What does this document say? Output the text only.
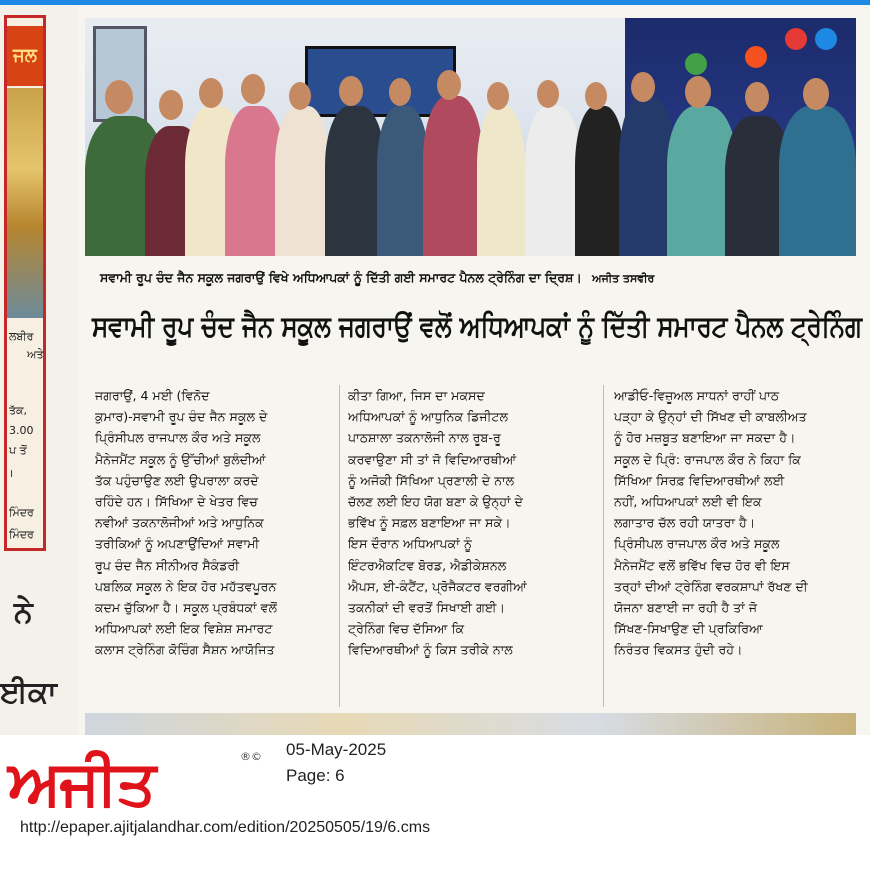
ਜਲ
ਲਬੀਰ
ਅਤੇ
ਤੱਕ,
3.00
ਪ ਤੋਂ
।
ਮਿੰਦਰ
ਮਿੰਦਰ
ਨੇ
ਈਕਾ
ਸਵਾਮੀ ਰੂਪ ਚੰਦ ਜੈਨ ਸਕੂਲ ਜਗਰਾਉਂ ਵਿਖੇ ਅਧਿਆਪਕਾਂ ਨੂੰ ਦਿੱਤੀ ਗਈ ਸਮਾਰਟ ਪੈਨਲ ਟ੍ਰੇਨਿੰਗ ਦਾ ਦ੍ਰਿਸ਼। ਅਜੀਤ ਤਸਵੀਰ
ਸਵਾਮੀ ਰੂਪ ਚੰਦ ਜੈਨ ਸਕੂਲ ਜਗਰਾਉਂ ਵਲੋਂ ਅਧਿਆਪਕਾਂ ਨੂੰ ਦਿੱਤੀ ਸਮਾਰਟ ਪੈਨਲ ਟ੍ਰੇਨਿੰਗ
ਜਗਰਾਉਂ, 4 ਮਈ (ਵਿਨੋਦ
ਕੁਮਾਰ)-ਸਵਾਮੀ ਰੂਪ ਚੰਦ ਜੈਨ ਸਕੂਲ ਦੇ
ਪ੍ਰਿੰਸੀਪਲ ਰਾਜਪਾਲ ਕੌਰ ਅਤੇ ਸਕੂਲ
ਮੈਨੇਜਮੈਂਟ ਸਕੂਲ ਨੂੰ ਉੱਚੀਆਂ ਬੁਲੰਦੀਆਂ
ਤੱਕ ਪਹੁੰਚਾਉਣ ਲਈ ਉਪਰਾਲਾ ਕਰਦੇ
ਰਹਿੰਦੇ ਹਨ। ਸਿੱਖਿਆ ਦੇ ਖੇਤਰ ਵਿਚ
ਨਵੀਆਂ ਤਕਨਾਲੋਜੀਆਂ ਅਤੇ ਆਧੁਨਿਕ
ਤਰੀਕਿਆਂ ਨੂੰ ਅਪਣਾਉਂਦਿਆਂ ਸਵਾਮੀ
ਰੂਪ ਚੰਦ ਜੈਨ ਸੀਨੀਅਰ ਸੈਕੰਡਰੀ
ਪਬਲਿਕ ਸਕੂਲ ਨੇ ਇਕ ਹੋਰ ਮਹੱਤਵਪੂਰਨ
ਕਦਮ ਚੁੱਕਿਆ ਹੈ। ਸਕੂਲ ਪ੍ਰਬੰਧਕਾਂ ਵਲੋਂ
ਅਧਿਆਪਕਾਂ ਲਈ ਇਕ ਵਿਸ਼ੇਸ਼ ਸਮਾਰਟ
ਕਲਾਸ ਟ੍ਰੇਨਿੰਗ ਕੋਚਿੰਗ ਸੈਸ਼ਨ ਆਯੋਜਿਤ
ਕੀਤਾ ਗਿਆ, ਜਿਸ ਦਾ ਮਕਸਦ
ਅਧਿਆਪਕਾਂ ਨੂੰ ਆਧੁਨਿਕ ਡਿਜੀਟਲ
ਪਾਠਸ਼ਾਲਾ ਤਕਨਾਲੋਜੀ ਨਾਲ ਰੂਬ-ਰੂ
ਕਰਵਾਉਣਾ ਸੀ ਤਾਂ ਜੋ ਵਿਦਿਆਰਥੀਆਂ
ਨੂੰ ਅਜੋਕੀ ਸਿੱਖਿਆ ਪ੍ਰਣਾਲੀ ਦੇ ਨਾਲ
ਚੱਲਣ ਲਈ ਇਹ ਯੋਗ ਬਣਾ ਕੇ ਉਨ੍ਹਾਂ ਦੇ
ਭਵਿੱਖ ਨੂੰ ਸਫ਼ਲ ਬਣਾਇਆ ਜਾ ਸਕੇ।
ਇਸ ਦੌਰਾਨ ਅਧਿਆਪਕਾਂ ਨੂੰ
ਇੰਟਰਐਕਟਿਵ ਬੋਰਡ, ਐਡੀਕੇਸ਼ਨਲ
ਐਪਸ, ਈ-ਕੰਟੈਂਟ, ਪ੍ਰੋਜੈਕਟਰ ਵਰਗੀਆਂ
ਤਕਨੀਕਾਂ ਦੀ ਵਰਤੋਂ ਸਿਖਾਈ ਗਈ।
ਟ੍ਰੇਨਿੰਗ ਵਿਚ ਦੱਸਿਆ ਕਿ
ਵਿਦਿਆਰਥੀਆਂ ਨੂੰ ਕਿਸ ਤਰੀਕੇ ਨਾਲ
ਆਡੀਓ-ਵਿਜ਼ੂਅਲ ਸਾਧਨਾਂ ਰਾਹੀਂ ਪਾਠ
ਪੜ੍ਹਾ ਕੇ ਉਨ੍ਹਾਂ ਦੀ ਸਿੱਖਣ ਦੀ ਕਾਬਲੀਅਤ
ਨੂੰ ਹੋਰ ਮਜ਼ਬੂਤ ਬਣਾਇਆ ਜਾ ਸਕਦਾ ਹੈ।
ਸਕੂਲ ਦੇ ਪ੍ਰਿੰ: ਰਾਜਪਾਲ ਕੌਰ ਨੇ ਕਿਹਾ ਕਿ
ਸਿੱਖਿਆ ਸਿਰਫ਼ ਵਿਦਿਆਰਥੀਆਂ ਲਈ
ਨਹੀਂ, ਅਧਿਆਪਕਾਂ ਲਈ ਵੀ ਇਕ
ਲਗਾਤਾਰ ਚੱਲ ਰਹੀ ਯਾਤਰਾ ਹੈ।
ਪ੍ਰਿੰਸੀਪਲ ਰਾਜਪਾਲ ਕੌਰ ਅਤੇ ਸਕੂਲ
ਮੈਨੇਜਮੈਂਟ ਵਲੋਂ ਭਵਿੱਖ ਵਿਚ ਹੋਰ ਵੀ ਇਸ
ਤਰ੍ਹਾਂ ਦੀਆਂ ਟ੍ਰੇਨਿੰਗ ਵਰਕਸ਼ਾਪਾਂ ਰੱਖਣ ਦੀ
ਯੋਜਨਾ ਬਣਾਈ ਜਾ ਰਹੀ ਹੈ ਤਾਂ ਜੋ
ਸਿੱਖਣ-ਸਿਖਾਉਣ ਦੀ ਪ੍ਰਕਿਰਿਆ
ਨਿਰੰਤਰ ਵਿਕਸਤ ਹੁੰਦੀ ਰਹੇ।
ਅਜੀਤ	®© 05-May-2025
Page: 6
http://epaper.ajitjalandhar.com/edition/20250505/19/6.cms
